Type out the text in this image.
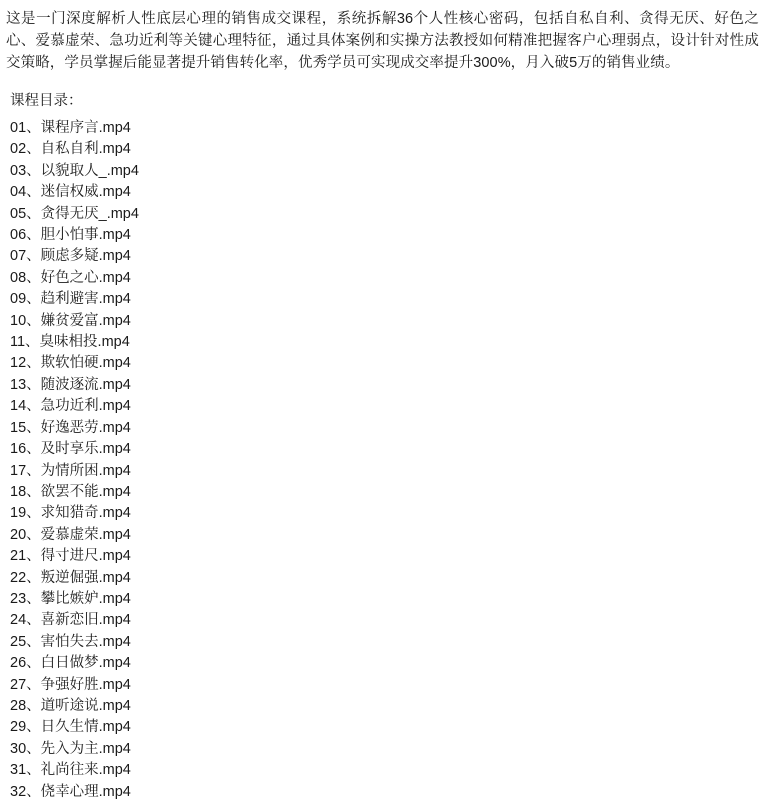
这是一门深度解析人性底层心理的销售成交课程，系统拆解36个人性核心密码，包括自私自利、贪得无厌、好色之心、爱慕虚荣、急功近利等关键心理特征，通过具体案例和实操方法教授如何精准把握客户心理弱点，设计针对性成交策略，学员掌握后能显著提升销售转化率，优秀学员可实现成交率提升300%，月入破5万的销售业绩。

课程目录：

01、课程序言.mp4
02、自私自利.mp4
03、以貌取人_.mp4
04、迷信权威.mp4
05、贪得无厌_.mp4
06、胆小怕事.mp4
07、顾虑多疑.mp4
08、好色之心.mp4
09、趋利避害.mp4
10、嫌贫爱富.mp4
11、臭味相投.mp4
12、欺软怕硬.mp4
13、随波逐流.mp4
14、急功近利.mp4
15、好逸恶劳.mp4
16、及时享乐.mp4
17、为情所困.mp4
18、欲罢不能.mp4
19、求知猎奇.mp4
20、爱慕虚荣.mp4
21、得寸进尺.mp4
22、叛逆倔强.mp4
23、攀比嫉妒.mp4
24、喜新恋旧.mp4
25、害怕失去.mp4
26、白日做梦.mp4
27、争强好胜.mp4
28、道听途说.mp4
29、日久生情.mp4
30、先入为主.mp4
31、礼尚往来.mp4
32、侥幸心理.mp4
